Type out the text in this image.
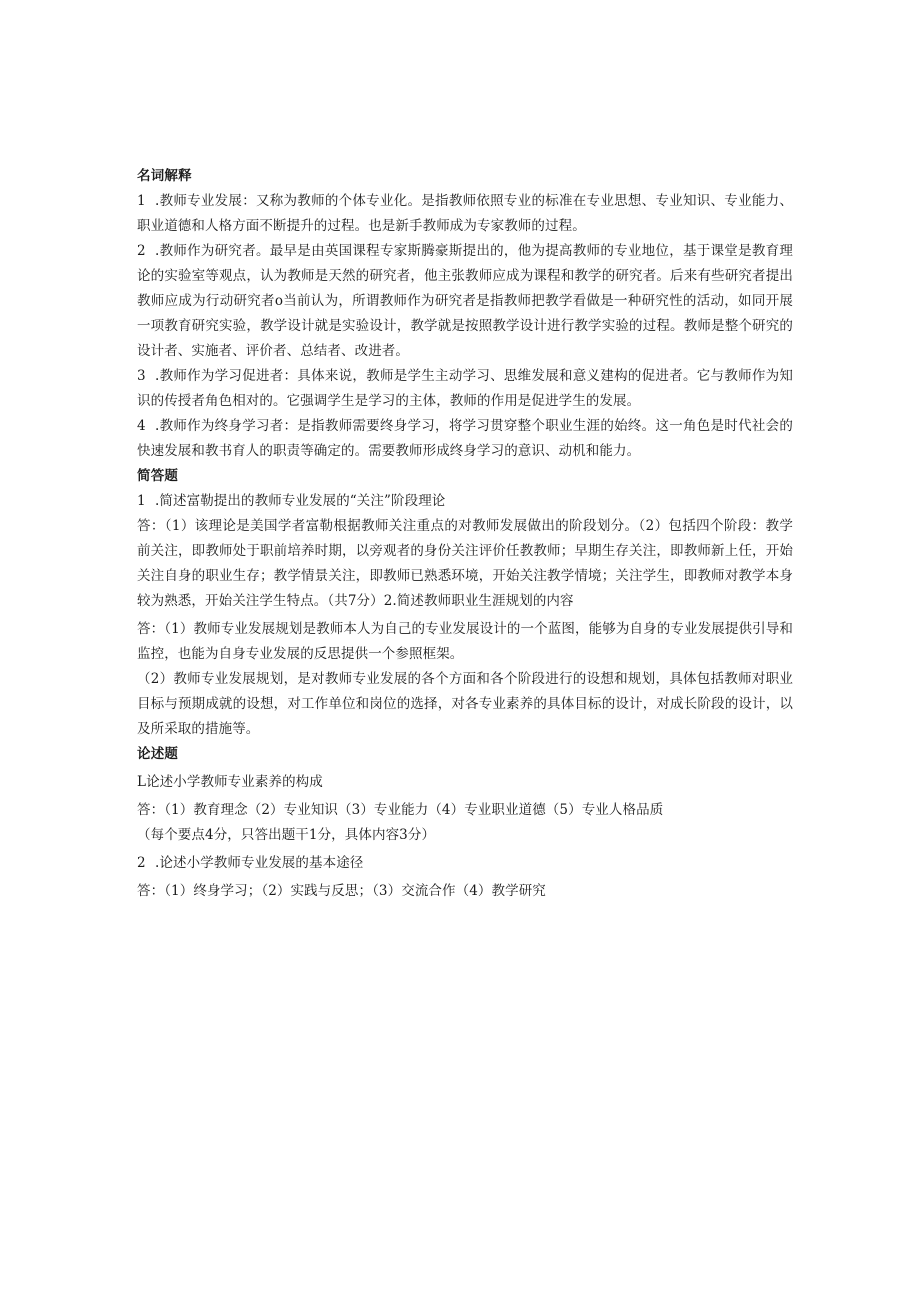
名词解释

1 .教师专业发展：又称为教师的个体专业化。是指教师依照专业的标准在专业思想、专业知识、专业能力、职业道德和人格方面不断提升的过程。也是新手教师成为专家教师的过程。

2 .教师作为研究者。最早是由英国课程专家斯腾豪斯提出的，他为提高教师的专业地位，基于课堂是教育理论的实验室等观点，认为教师是天然的研究者，他主张教师应成为课程和教学的研究者。后来有些研究者提出教师应成为行动研究者o当前认为，所谓教师作为研究者是指教师把教学看做是一种研究性的活动，如同开展一项教育研究实验，教学设计就是实验设计，教学就是按照教学设计进行教学实验的过程。教师是整个研究的设计者、实施者、评价者、总结者、改进者。

3 .教师作为学习促进者：具体来说，教师是学生主动学习、思维发展和意义建构的促进者。它与教师作为知识的传授者角色相对的。它强调学生是学习的主体，教师的作用是促进学生的发展。

4 .教师作为终身学习者：是指教师需要终身学习，将学习贯穿整个职业生涯的始终。这一角色是时代社会的快速发展和教书育人的职责等确定的。需要教师形成终身学习的意识、动机和能力。

简答题

1 .简述富勒提出的教师专业发展的“关注”阶段理论

答：（1）该理论是美国学者富勒根据教师关注重点的对教师发展做出的阶段划分。（2）包括四个阶段：教学前关注，即教师处于职前培养时期，以旁观者的身份关注评价任教教师；早期生存关注，即教师新上任，开始关注自身的职业生存；教学情景关注，即教师已熟悉环境，开始关注教学情境；关注学生，即教师对教学本身较为熟悉，开始关注学生特点。（共7分）2.简述教师职业生涯规划的内容

答：（1）教师专业发展规划是教师本人为自己的专业发展设计的一个蓝图，能够为自身的专业发展提供引导和监控，也能为自身专业发展的反思提供一个参照框架。

（2）教师专业发展规划，是对教师专业发展的各个方面和各个阶段进行的设想和规划，具体包括教师对职业目标与预期成就的设想，对工作单位和岗位的选择，对各专业素养的具体目标的设计，对成长阶段的设计，以及所采取的措施等。

论述题

L论述小学教师专业素养的构成

答：（1）教育理念（2）专业知识（3）专业能力（4）专业职业道德（5）专业人格品质

（每个要点4分，只答出题干1分，具体内容3分）

2 .论述小学教师专业发展的基本途径

答：（1）终身学习；（2）实践与反思；（3）交流合作（4）教学研究
